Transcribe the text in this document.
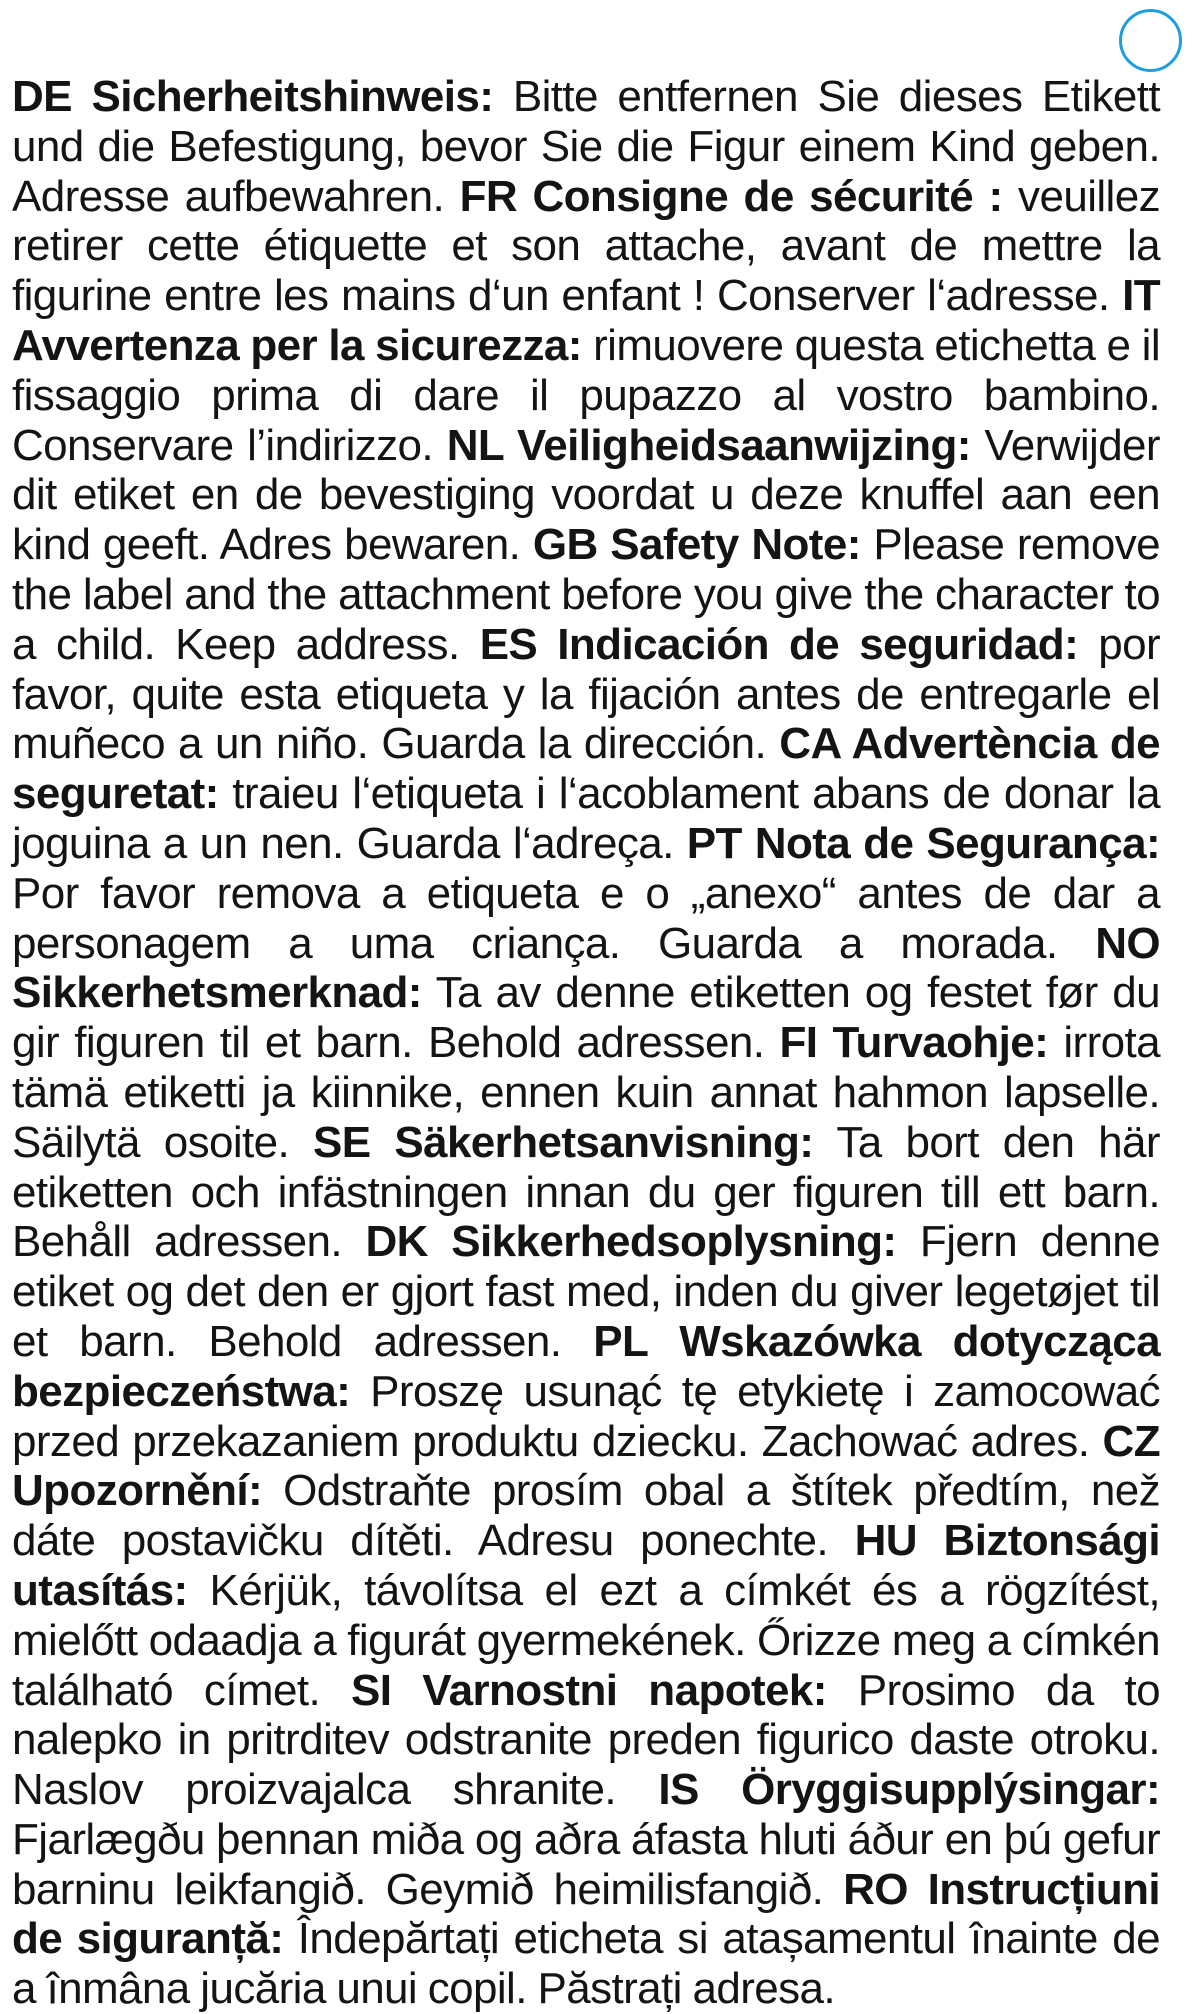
DE Sicherheitshinweis: Bitte entfernen Sie dieses Etikett und die Befestigung, bevor Sie die Figur einem Kind geben. Adresse aufbewahren. FR Consigne de sécurité : veuillez retirer cette étiquette et son attache, avant de mettre la figurine entre les mains d‘un enfant ! Conserver l‘adresse. IT Avvertenza per la sicurezza: rimuovere questa etichetta e il fissaggio prima di dare il pupazzo al vostro bambino. Conservare l’indirizzo. NL Veiligheidsaanwijzing: Verwijder dit etiket en de bevestiging voordat u deze knuffel aan een kind geeft. Adres bewaren. GB Safety Note: Please remove the label and the attachment before you give the character to a child. Keep address. ES Indicación de seguridad: por favor, quite esta etiqueta y la fijación antes de entregarle el muñeco a un niño. Guarda la dirección. CA Advertència de seguretat: traieu l‘etiqueta i l‘acoblament abans de donar la joguina a un nen. Guarda l‘adreça. PT Nota de Segurança: Por favor remova a etiqueta e o „anexo“ antes de dar a personagem a uma criança. Guarda a morada. NO Sikkerhetsmerknad: Ta av denne etiketten og festet før du gir figuren til et barn. Behold adressen. FI Turvaohje: irrota tämä etiketti ja kiinnike, ennen kuin annat hahmon lapselle. Säilytä osoite. SE Säkerhetsanvisning: Ta bort den här etiketten och infästningen innan du ger figuren till ett barn. Behåll adressen. DK Sikkerhedsoplysning: Fjern denne etiket og det den er gjort fast med, inden du giver legetøjet til et barn. Behold adressen. PL Wskazówka dotycząca bezpieczeństwa: Proszę usunąć tę etykietę i zamocować przed przekazaniem produktu dziecku. Zachować adres. CZ Upozornění: Odstraňte prosím obal a štítek předtím, než dáte postavičku dítěti. Adresu ponechte. HU Biztonsági utasítás: Kérjük, távolítsa el ezt a címkét és a rögzítést, mielőtt odaadja a figurát gyermekének. Őrizze meg a címkén található címet. SI Varnostni napotek: Prosimo da to nalepko in pritrditev odstranite preden figurico daste otroku. Naslov proizvajalca shranite. IS Öryggisupplýsingar: Fjarlægðu þennan miða og aðra áfasta hluti áður en þú gefur barninu leikfangið. Geymið heimilisfangið. RO Instrucțiuni de siguranță: Îndepărtați eticheta si atașamentul înainte de a înmâna jucăria unui copil. Păstrați adresa.
